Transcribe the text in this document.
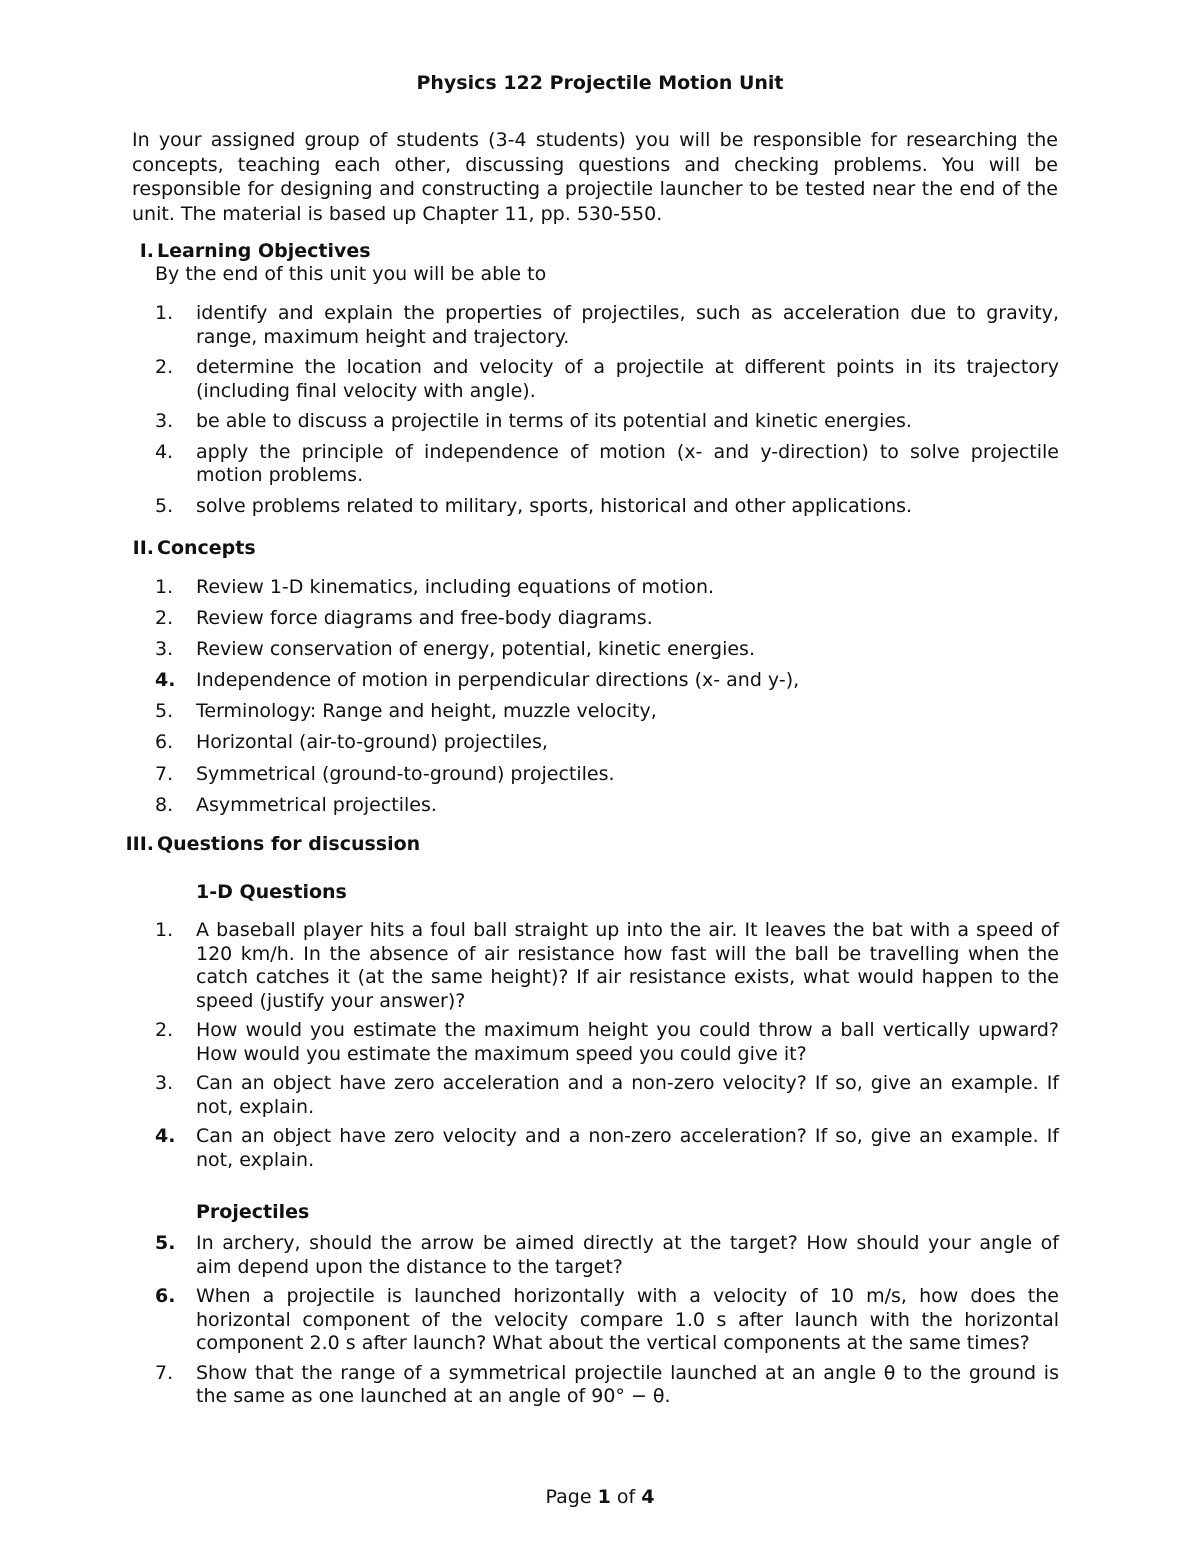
Physics 122 Projectile Motion Unit

In your assigned group of students (3-4 students) you will be responsible for researching the concepts, teaching each other, discussing questions and checking problems. You will be responsible for designing and constructing a projectile launcher to be tested near the end of the unit. The material is based up Chapter 11, pp. 530-550.

I. Learning Objectives

By the end of this unit you will be able to

1.	identify and explain the properties of projectiles, such as acceleration due to gravity, range, maximum height and trajectory.
2.	determine the location and velocity of a projectile at different points in its trajectory (including final velocity with angle).
3.	be able to discuss a projectile in terms of its potential and kinetic energies.
4.	apply the principle of independence of motion (x- and y-direction) to solve projectile motion problems.
5.	solve problems related to military, sports, historical and other applications.

II. Concepts

1.	Review 1-D kinematics, including equations of motion.
2.	Review force diagrams and free-body diagrams.
3.	Review conservation of energy, potential, kinetic energies.
4.	Independence of motion in perpendicular directions (x- and y-),
5.	Terminology: Range and height, muzzle velocity,
6.	Horizontal (air-to-ground) projectiles,
7.	Symmetrical (ground-to-ground) projectiles.
8.	Asymmetrical projectiles.

III. Questions for discussion

1-D Questions

1.	A baseball player hits a foul ball straight up into the air. It leaves the bat with a speed of 120 km/h. In the absence of air resistance how fast will the ball be travelling when the catch catches it (at the same height)? If air resistance exists, what would happen to the speed (justify your answer)?
2.	How would you estimate the maximum height you could throw a ball vertically upward? How would you estimate the maximum speed you could give it?
3.	Can an object have zero acceleration and a non-zero velocity? If so, give an example. If not, explain.
4.	Can an object have zero velocity and a non-zero acceleration? If so, give an example. If not, explain.

Projectiles

5.	In archery, should the arrow be aimed directly at the target? How should your angle of aim depend upon the distance to the target?
6.	When a projectile is launched horizontally with a velocity of 10 m/s, how does the horizontal component of the velocity compare 1.0 s after launch with the horizontal component 2.0 s after launch? What about the vertical components at the same times?
7.	Show that the range of a symmetrical projectile launched at an angle θ to the ground is the same as one launched at an angle of 90° − θ.

Page 1 of 4
